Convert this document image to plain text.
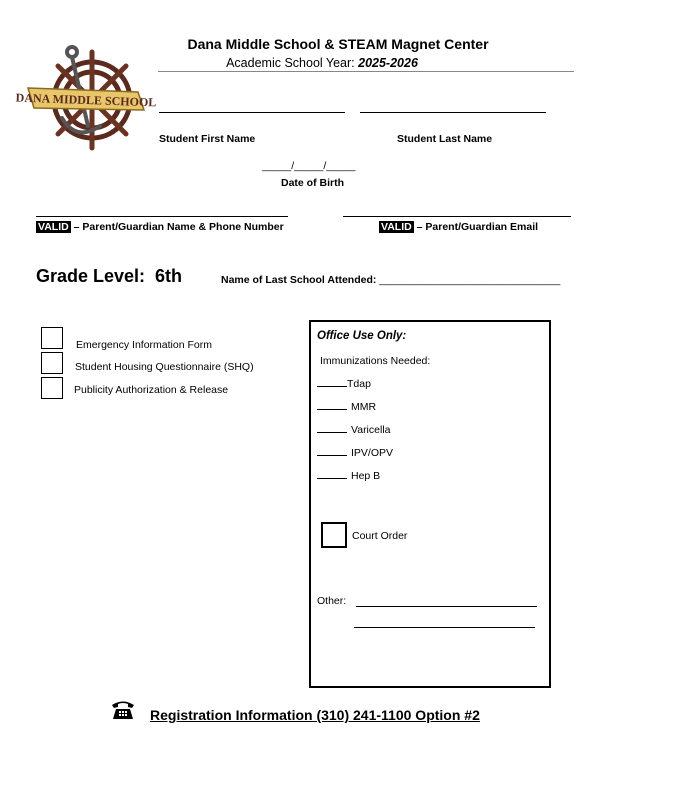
DANA MIDDLE SCHOOL
Dana Middle School & STEAM Magnet Center
Academic School Year: 2025-2026
Student First Name	Student Last Name
_____/_____/_____
Date of Birth
VALID – Parent/Guardian Name & Phone Number	VALID – Parent/Guardian Email
Grade Level:  6th	Name of Last School Attended: _______________________________
Emergency Information Form
Student Housing Questionnaire (SHQ)
Publicity Authorization & Release
Office Use Only:
Immunizations Needed:
Tdap
MMR
Varicella
IPV/OPV
Hep B
Court Order
Other:
Registration Information (310) 241-1100 Option #2
